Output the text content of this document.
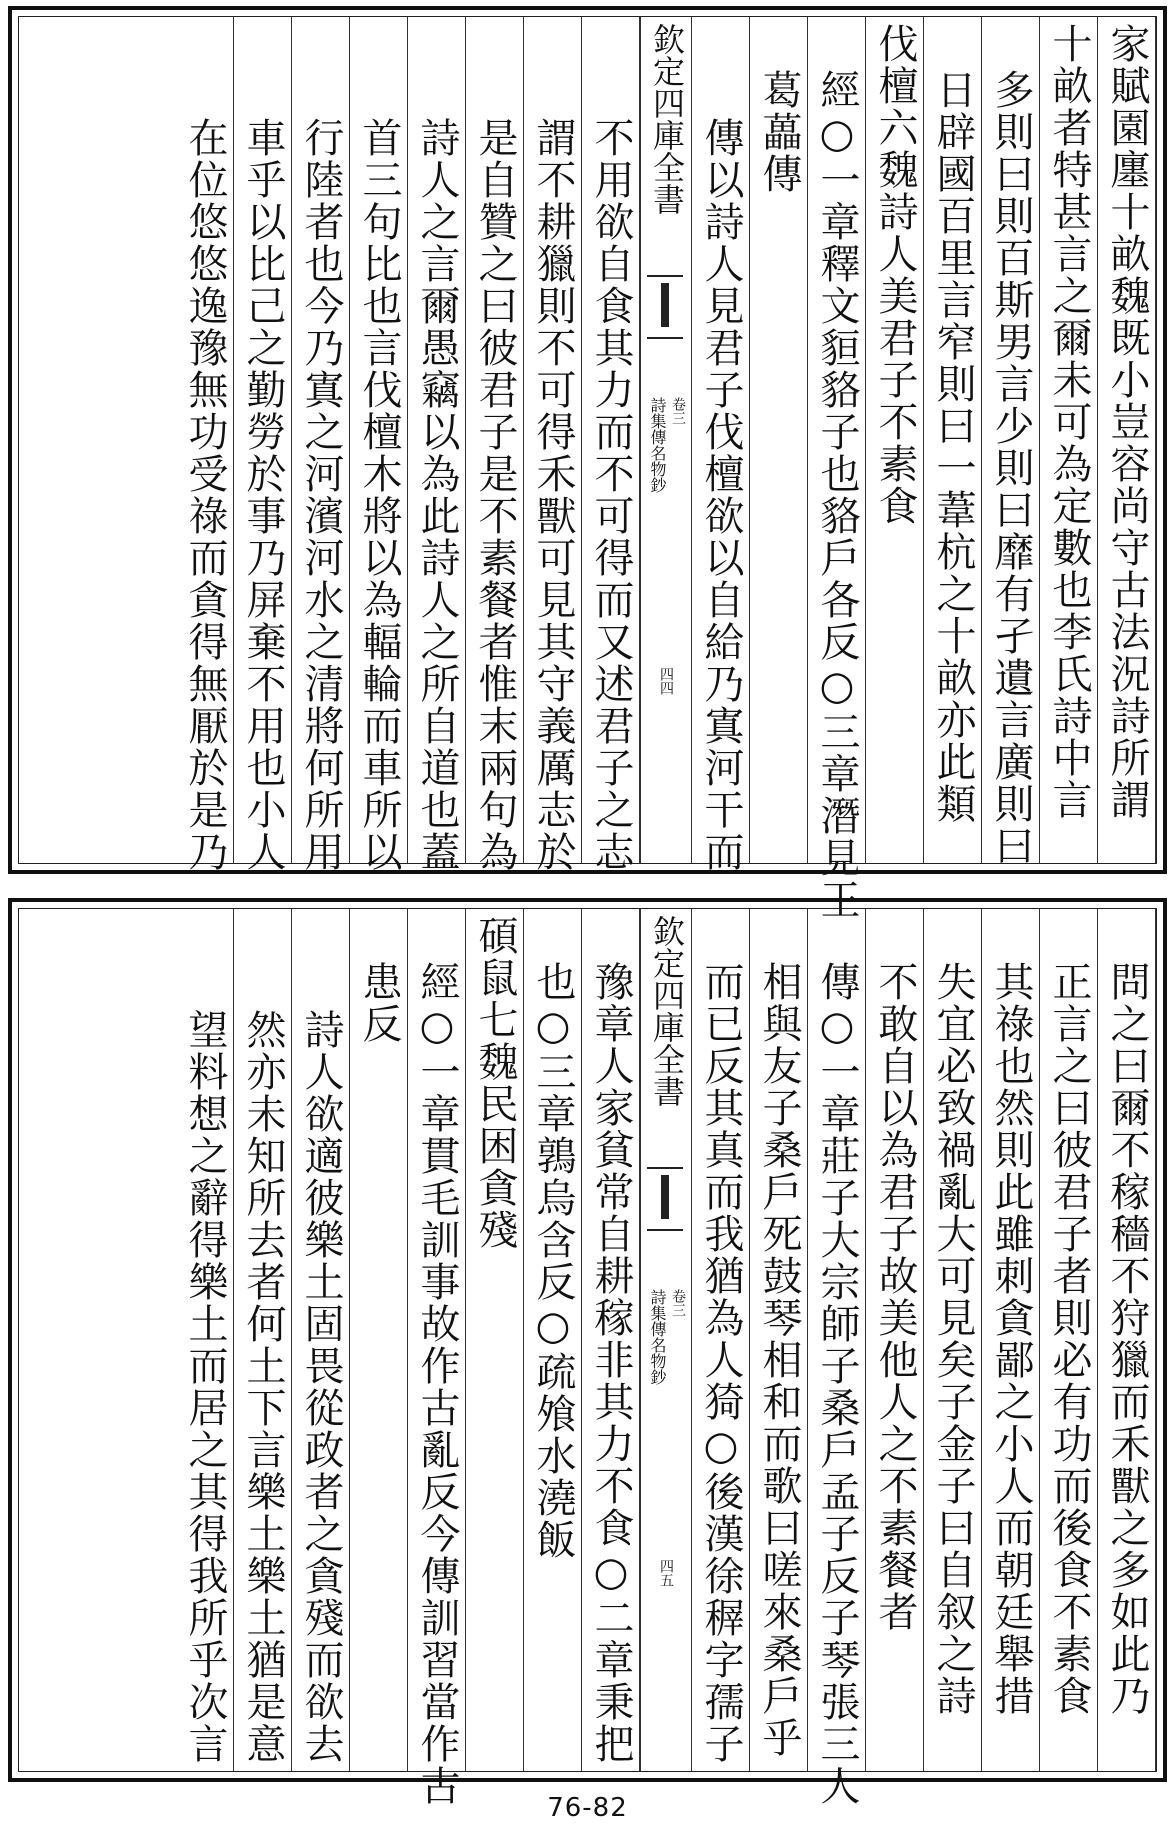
家賦園廛十畝魏既小豈容尚守古法況詩所謂
十畝者特甚言之爾未可為定數也李氏詩中言
多則曰則百斯男言少則曰靡有孑遺言廣則曰
日辟國百里言窄則曰一葦杭之十畝亦此類
伐檀六魏詩人美君子不素食
經○一章釋文貆貉子也貉戶各反○三章潛見王
葛藟傳
傳以詩人見君子伐檀欲以自給乃寘河干而
欽定四庫全書
詩集傳名物鈔 卷三
四四
不用欲自食其力而不可得而又述君子之志
謂不耕獵則不可得禾獸可見其守義厲志於
是自贊之曰彼君子是不素餐者惟末兩句為
詩人之言爾愚竊以為此詩人之所自道也蓋
首三句比也言伐檀木將以為輻輪而車所以
行陸者也今乃寘之河濱河水之清將何所用
車乎以比己之勤勞於事乃屏棄不用也小人
在位悠悠逸豫無功受祿而貪得無厭於是乃
問之曰爾不稼穡不狩獵而禾獸之多如此乃
正言之曰彼君子者則必有功而後食不素食
其祿也然則此雖刺貪鄙之小人而朝廷舉措
失宜必致禍亂大可見矣子金子曰自叙之詩
不敢自以為君子故美他人之不素餐者
傳○一章莊子大宗師子桑戶孟子反子琴張三人
相與友子桑戶死鼓琴相和而歌曰嗟來桑戶乎
而已反其真而我猶為人猗○後漢徐稺字孺子
欽定四庫全書
詩集傳名物鈔 卷三
四五
豫章人家貧常自耕稼非其力不食○二章秉把
也○三章鶉烏含反○疏飧水澆飯
碩鼠七魏民困貪殘
經○一章貫毛訓事故作古亂反今傳訓習當作古
患反
詩人欲適彼樂土固畏從政者之貪殘而欲去
然亦未知所去者何土下言樂土樂土猶是意
望料想之辭得樂土而居之其得我所乎次言
76-82
